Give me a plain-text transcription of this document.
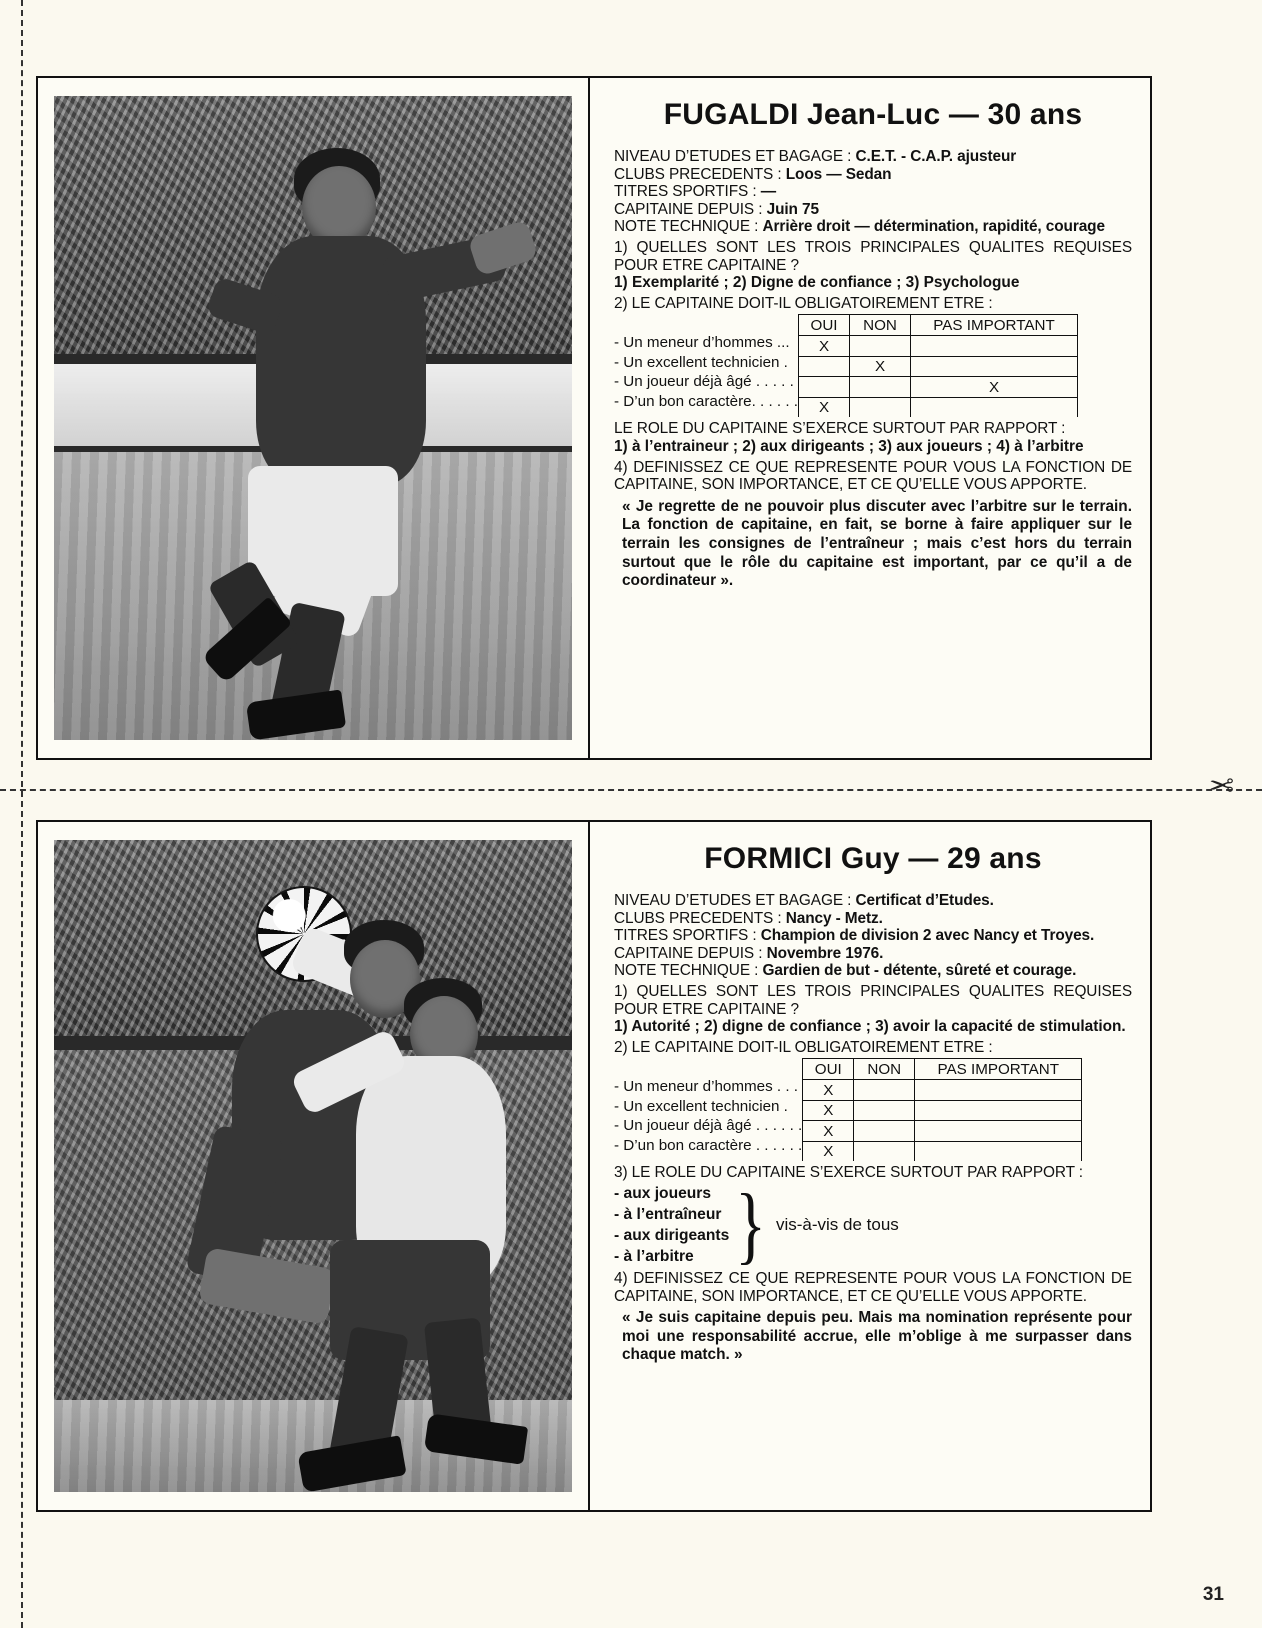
✂
FUGALDI Jean-Luc — 30 ans

NIVEAU D’ETUDES ET BAGAGE : C.E.T. - C.A.P. ajusteur

CLUBS PRECEDENTS : Loos — Sedan

TITRES SPORTIFS : —

CAPITAINE DEPUIS : Juin 75

NOTE TECHNIQUE : Arrière droit — détermination, rapidité, courage

1) QUELLES SONT LES TROIS PRINCIPALES QUALITES REQUISES POUR ETRE CAPITAINE ?

1) Exemplarité ; 2) Digne de confiance ; 3) Psychologue

2) LE CAPITAINE DOIT-IL OBLIGATOIREMENT ETRE :

- Un meneur d’hommes ...
- Un excellent technicien .
- Un joueur déjà âgé . . . . .
- D’un bon caractère. . . . . .
OUI	NON	PAS IMPORTANT
X		
	X	
		X
X		

LE ROLE DU CAPITAINE S’EXERCE SURTOUT PAR RAPPORT :

1) à l’entraineur ; 2) aux dirigeants ; 3) aux joueurs ; 4) à l’arbitre

4) DEFINISSEZ CE QUE REPRESENTE POUR VOUS LA FONCTION DE CAPITAINE, SON IMPORTANCE, ET CE QU’ELLE VOUS APPORTE.

« Je regrette de ne pouvoir plus discuter avec l’arbitre sur le terrain. La fonction de capitaine, en fait, se borne à faire appliquer sur le terrain les consignes de l’entraîneur ; mais c’est hors du terrain surtout que le rôle du capitaine est important, par ce qu’il a de coordinateur ».

FORMICI Guy — 29 ans

NIVEAU D’ETUDES ET BAGAGE : Certificat d’Etudes.

CLUBS PRECEDENTS : Nancy - Metz.

TITRES SPORTIFS : Champion de division 2 avec Nancy et Troyes.

CAPITAINE DEPUIS : Novembre 1976.

NOTE TECHNIQUE : Gardien de but - détente, sûreté et courage.

1) QUELLES SONT LES TROIS PRINCIPALES QUALITES REQUISES POUR ETRE CAPITAINE ?

1) Autorité ; 2) digne de confiance ; 3) avoir la capacité de stimulation.

2) LE CAPITAINE DOIT-IL OBLIGATOIREMENT ETRE :

- Un meneur d’hommes . . .
- Un excellent technicien .
- Un joueur déjà âgé . . . . . .
- D’un bon caractère . . . . . .
OUI	NON	PAS IMPORTANT
X		
X		
X		
X		

3) LE ROLE DU CAPITAINE S’EXERCE SURTOUT PAR RAPPORT :

- aux joueurs
- à l’entraîneur
- aux dirigeants
- à l’arbitre } vis-à-vis de tous

4) DEFINISSEZ CE QUE REPRESENTE POUR VOUS LA FONCTION DE CAPITAINE, SON IMPORTANCE, ET CE QU’ELLE VOUS APPORTE.

« Je suis capitaine depuis peu. Mais ma nomination représente pour moi une responsabilité accrue, elle m’oblige à me surpasser dans chaque match. »

31
